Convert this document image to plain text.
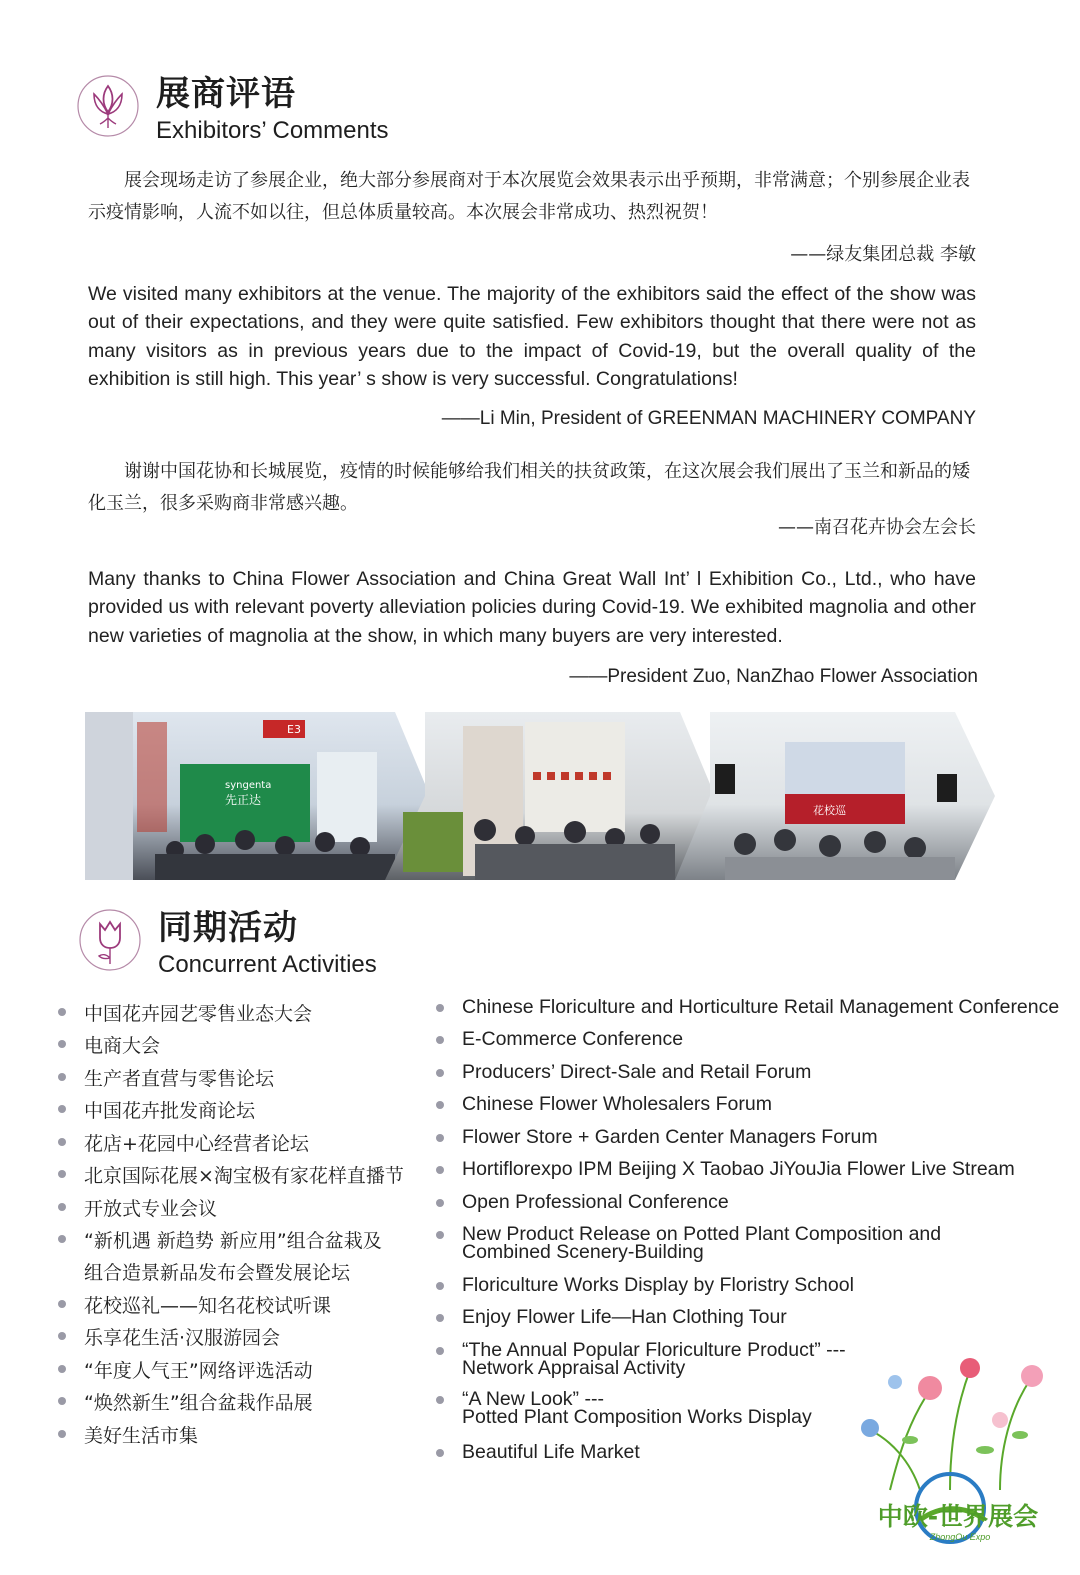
展商评语
Exhibitors’ Comments
展会现场走访了参展企业，绝大部分参展商对于本次展览会效果表示出乎预期，非常满意；个别参展企业表示疫情影响，人流不如以往，但总体质量较高。本次展会非常成功、热烈祝贺！
——绿友集团总裁 李敏
We visited many exhibitors at the venue. The majority of the exhibitors said the effect of the show was out of their expectations, and they were quite satisfied. Few exhibitors thought that there were not as many visitors as in previous years due to the impact of Covid-19, but the overall quality of the exhibition is still high. This year’ s show is very successful. Congratulations!
——Li Min, President of GREENMAN MACHINERY COMPANY
谢谢中国花协和长城展览，疫情的时候能够给我们相关的扶贫政策，在这次展会我们展出了玉兰和新品的矮化玉兰，很多采购商非常感兴趣。
——南召花卉协会左会长
Many thanks to China Flower Association and China Great Wall Int’ l Exhibition Co., Ltd., who have provided us with relevant poverty alleviation policies during Covid-19. We exhibited magnolia and other new varieties of magnolia at the show, in which many buyers are very interested.
——President Zuo, NanZhao Flower Association
syngenta
先正达
E3
花校巡
同期活动
Concurrent Activities
中国花卉园艺零售业态大会
电商大会
生产者直营与零售论坛
中国花卉批发商论坛
花店+花园中心经营者论坛
北京国际花展×淘宝极有家花样直播节
开放式专业会议
“新机遇 新趋势 新应用”组合盆栽及
组合造景新品发布会暨发展论坛
花校巡礼——知名花校试听课
乐享花生活·汉服游园会
“年度人气王”网络评选活动
“焕然新生”组合盆栽作品展
美好生活市集
Chinese Floriculture and Horticulture Retail Management Conference
E-Commerce Conference
Producers’ Direct-Sale and Retail Forum
Chinese Flower Wholesalers Forum
Flower Store + Garden Center Managers Forum
Hortiflorexpo IPM Beijing X Taobao JiYouJia Flower Live Stream
Open Professional Conference
New Product Release on Potted Plant Composition and
Combined Scenery-Building
Floriculture Works Display by Floristry School
Enjoy Flower Life—Han Clothing Tour
“The Annual Popular Floriculture Product” ---
Network Appraisal Activity
“A New Look” ---
Potted Plant Composition Works Display
Beautiful Life Market
中欧-世界展会
ZhongOu Expo
